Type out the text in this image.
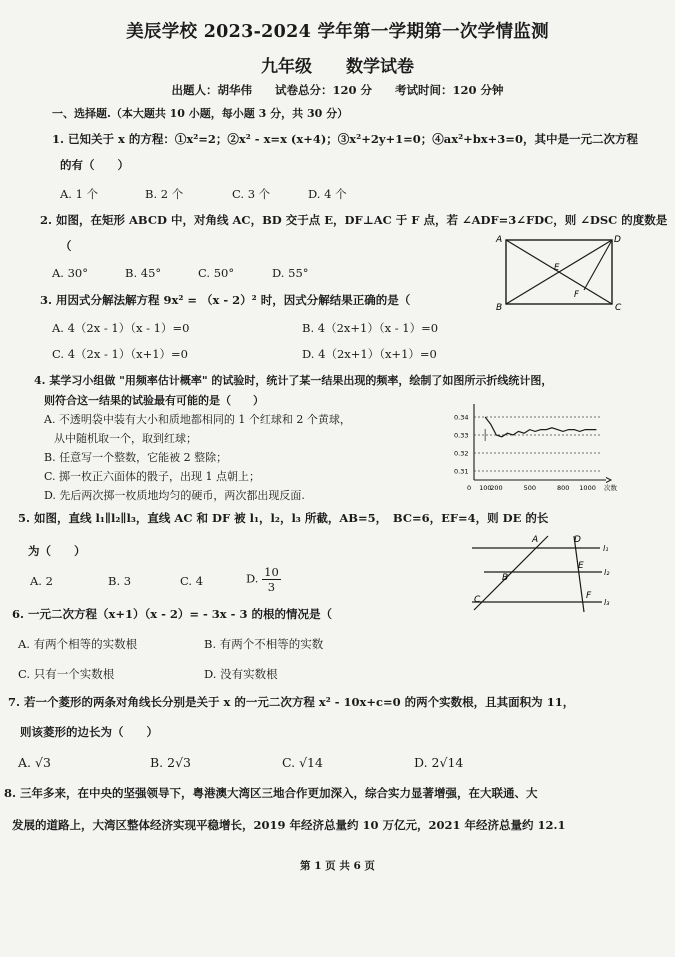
美辰学校 2023-2024 学年第一学期第一次学情监测
九年级　　数学试卷
出题人：胡华伟　　试卷总分：120 分　　考试时间：120 分钟
一、选择题.（本大题共 10 小题，每小题 3 分，共 30 分）
1. 已知关于 x 的方程：①x²=2；②x² - x=x (x+4)；③x²+2y+1=0；④ax²+bx+3=0，其中是一元二次方程
的有（　　）
A. 1 个	B. 2 个	C. 3 个	D. 4 个
2. 如图，在矩形 ABCD 中，对角线 AC，BD 交于点 E，DF⊥AC 于 F 点，若 ∠ADF=3∠FDC，则 ∠DSC 的度数是
（
A. 30°	B. 45°	C. 50°	D. 55°
A	D
B	C
E
F
3. 用因式分解法解方程 9x² = （x - 2）² 时，因式分解结果正确的是（
A. 4（2x - 1）（x - 1）=0	B. 4（2x+1）（x - 1）=0
C. 4（2x - 1）（x+1）=0	D. 4（2x+1）（x+1）=0
4. 某学习小组做 "用频率估计概率" 的试验时，统计了某一结果出现的频率，绘制了如图所示折线统计图，
则符合这一结果的试验最有可能的是（　　）
A. 不透明袋中装有大小和质地都相同的 1 个红球和 2 个黄球，
从中随机取一个，取到红球；
B. 任意写一个整数，它能被 2 整除；
C. 掷一枚正六面体的骰子，出现 1 点朝上；
D. 先后两次掷一枚质地均匀的硬币，两次都出现反面.
0
0.34
0.33
0.32
0.31
100
200	500	800 1000 次数
5. 如图，直线 l₁∥l₂∥l₃，直线 AC 和 DF 被 l₁，l₂，l₃ 所截，AB=5，　BC=6，EF=4，则 DE 的长
为（　　）
A. 2	B. 3	C. 4	D. $\frac{10}{3}$
A	D
B
E
C	F
l₁
l₂
l₃
6. 一元二次方程（x+1）（x - 2）= - 3x - 3 的根的情况是（
A. 有两个相等的实数根	B. 有两个不相等的实数
C. 只有一个实数根	D. 没有实数根
7. 若一个菱形的两条对角线长分别是关于 x 的一元二次方程 x² - 10x+c=0 的两个实数根，且其面积为 11，
则该菱形的边长为（　　）
A. √3	B. 2√3	C. √14	D. 2√14
8. 三年多来，在中央的坚强领导下，粤港澳大湾区三地合作更加深入，综合实力显著增强，在大联通、大
发展的道路上，大湾区整体经济实现平稳增长，2019 年经济总量约 10 万亿元，2021 年经济总量约 12.1
第 1 页 共 6 页
